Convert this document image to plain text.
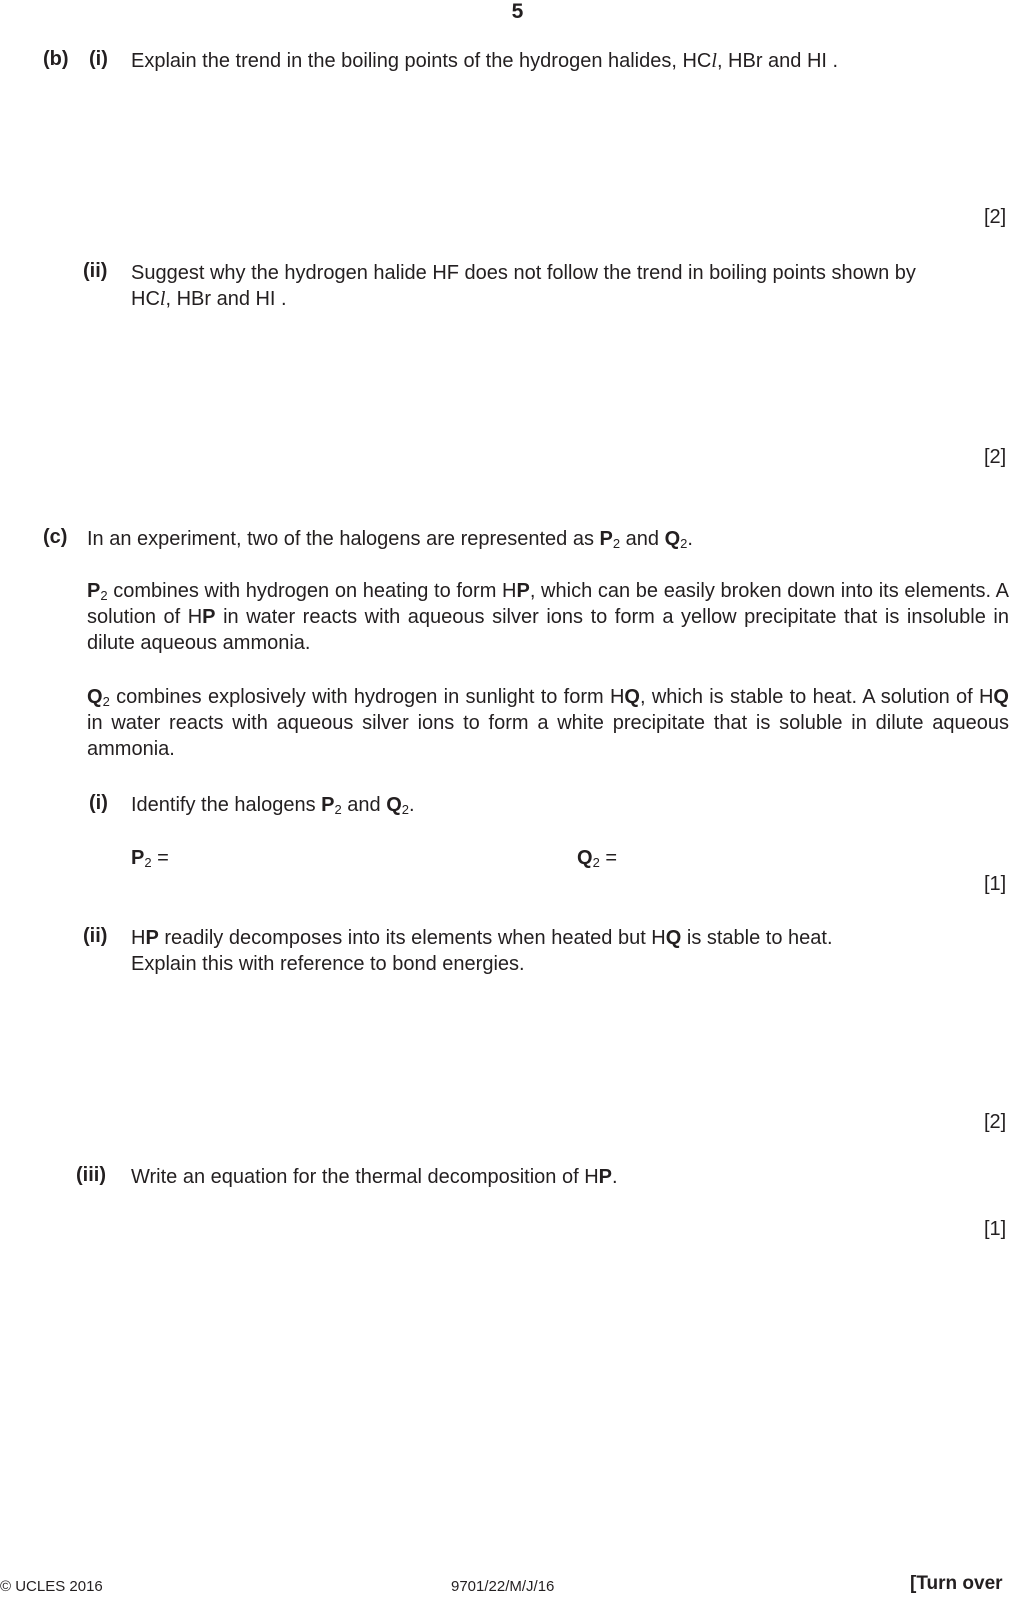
5
(b) (i) Explain the trend in the boiling points of the hydrogen halides, HCl, HBr and HI .
.....
.....
.....
[2]
(ii) Suggest why the hydrogen halide HF does not follow the trend in boiling points shown by
HCl, HBr and HI .
.....
.....
.....
[2]
(c) In an experiment, two of the halogens are represented as $P_2$ and $Q_2$.
$P_2$ combines with hydrogen on heating to form HP, which can be easily broken down into its elements. A solution of HP in water reacts with aqueous silver ions to form a yellow precipitate that is insoluble in dilute aqueous ammonia.
$Q_2$ combines explosively with hydrogen in sunlight to form HQ, which is stable to heat. A solution of HQ in water reacts with aqueous silver ions to form a white precipitate that is soluble in dilute aqueous ammonia.
(i) Identify the halogens $P_2$ and $Q_2$.
$P_2$ =
.....	$Q_2$ =
.....
[1]
(ii) HP readily decomposes into its elements when heated but HQ is stable to heat.
Explain this with reference to bond energies.
.....
.....
.....
[2]
(iii) Write an equation for the thermal decomposition of HP.
.....
[1]
© UCLES 2016	9701/22/M/J/16	[Turn over
